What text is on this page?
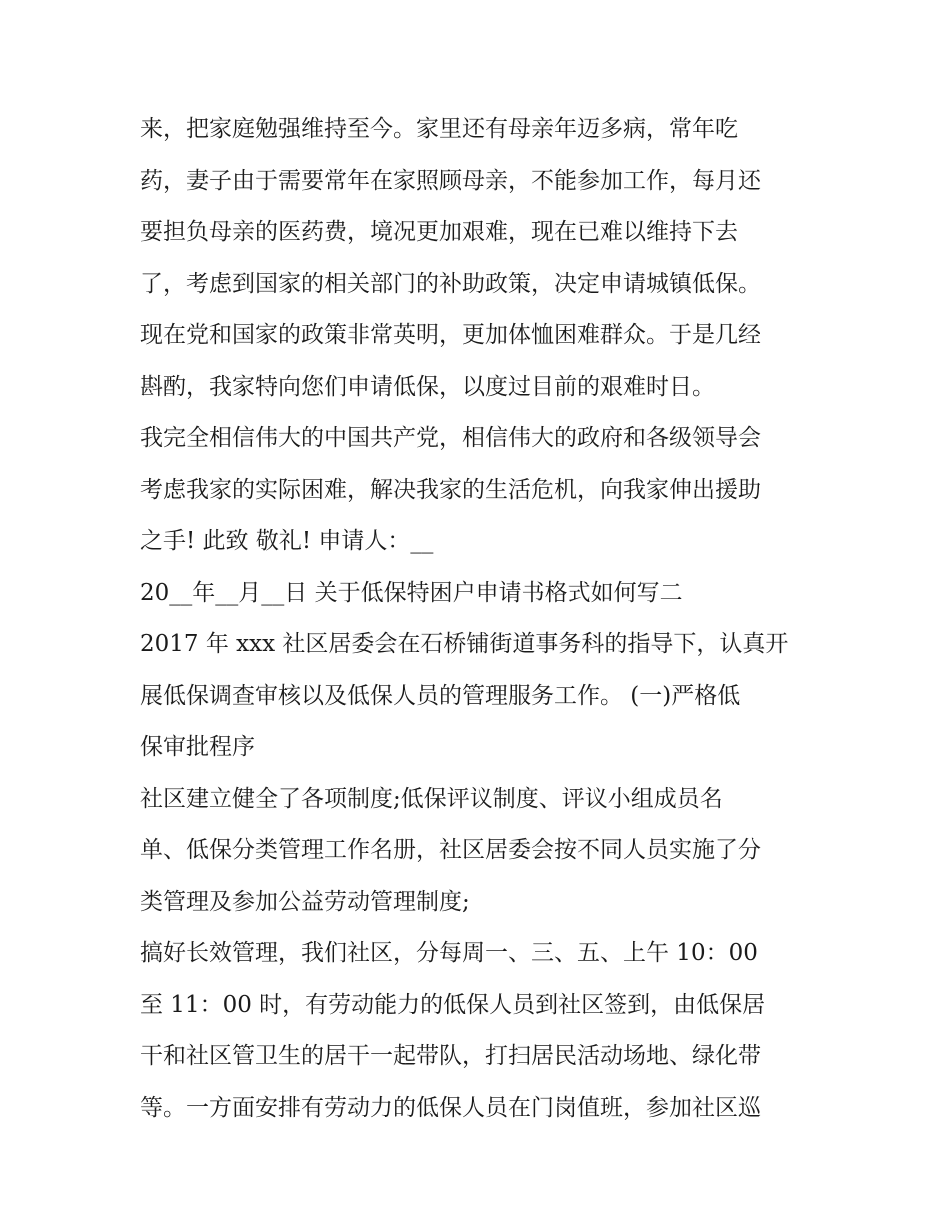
来，把家庭勉强维持至今。家里还有母亲年迈多病，常年吃
药，妻子由于需要常年在家照顾母亲，不能参加工作，每月还
要担负母亲的医药费，境况更加艰难，现在已难以维持下去
了，考虑到国家的相关部门的补助政策，决定申请城镇低保。
现在党和国家的政策非常英明，更加体恤困难群众。于是几经
斟酌，我家特向您们申请低保，以度过目前的艰难时日。
我完全相信伟大的中国共产党，相信伟大的政府和各级领导会
考虑我家的实际困难，解决我家的生活危机，向我家伸出援助
之手! 此致 敬礼! 申请人：__
20__年__月__日 关于低保特困户申请书格式如何写二
2017 年 xxx 社区居委会在石桥铺街道事务科的指导下，认真开
展低保调查审核以及低保人员的管理服务工作。 (一)严格低
保审批程序
社区建立健全了各项制度;低保评议制度、评议小组成员名
单、低保分类管理工作名册，社区居委会按不同人员实施了分
类管理及参加公益劳动管理制度;
搞好长效管理，我们社区，分每周一、三、五、上午 10：00
至 11：00 时，有劳动能力的低保人员到社区签到，由低保居
干和社区管卫生的居干一起带队，打扫居民活动场地、绿化带
等。一方面安排有劳动力的低保人员在门岗值班，参加社区巡
